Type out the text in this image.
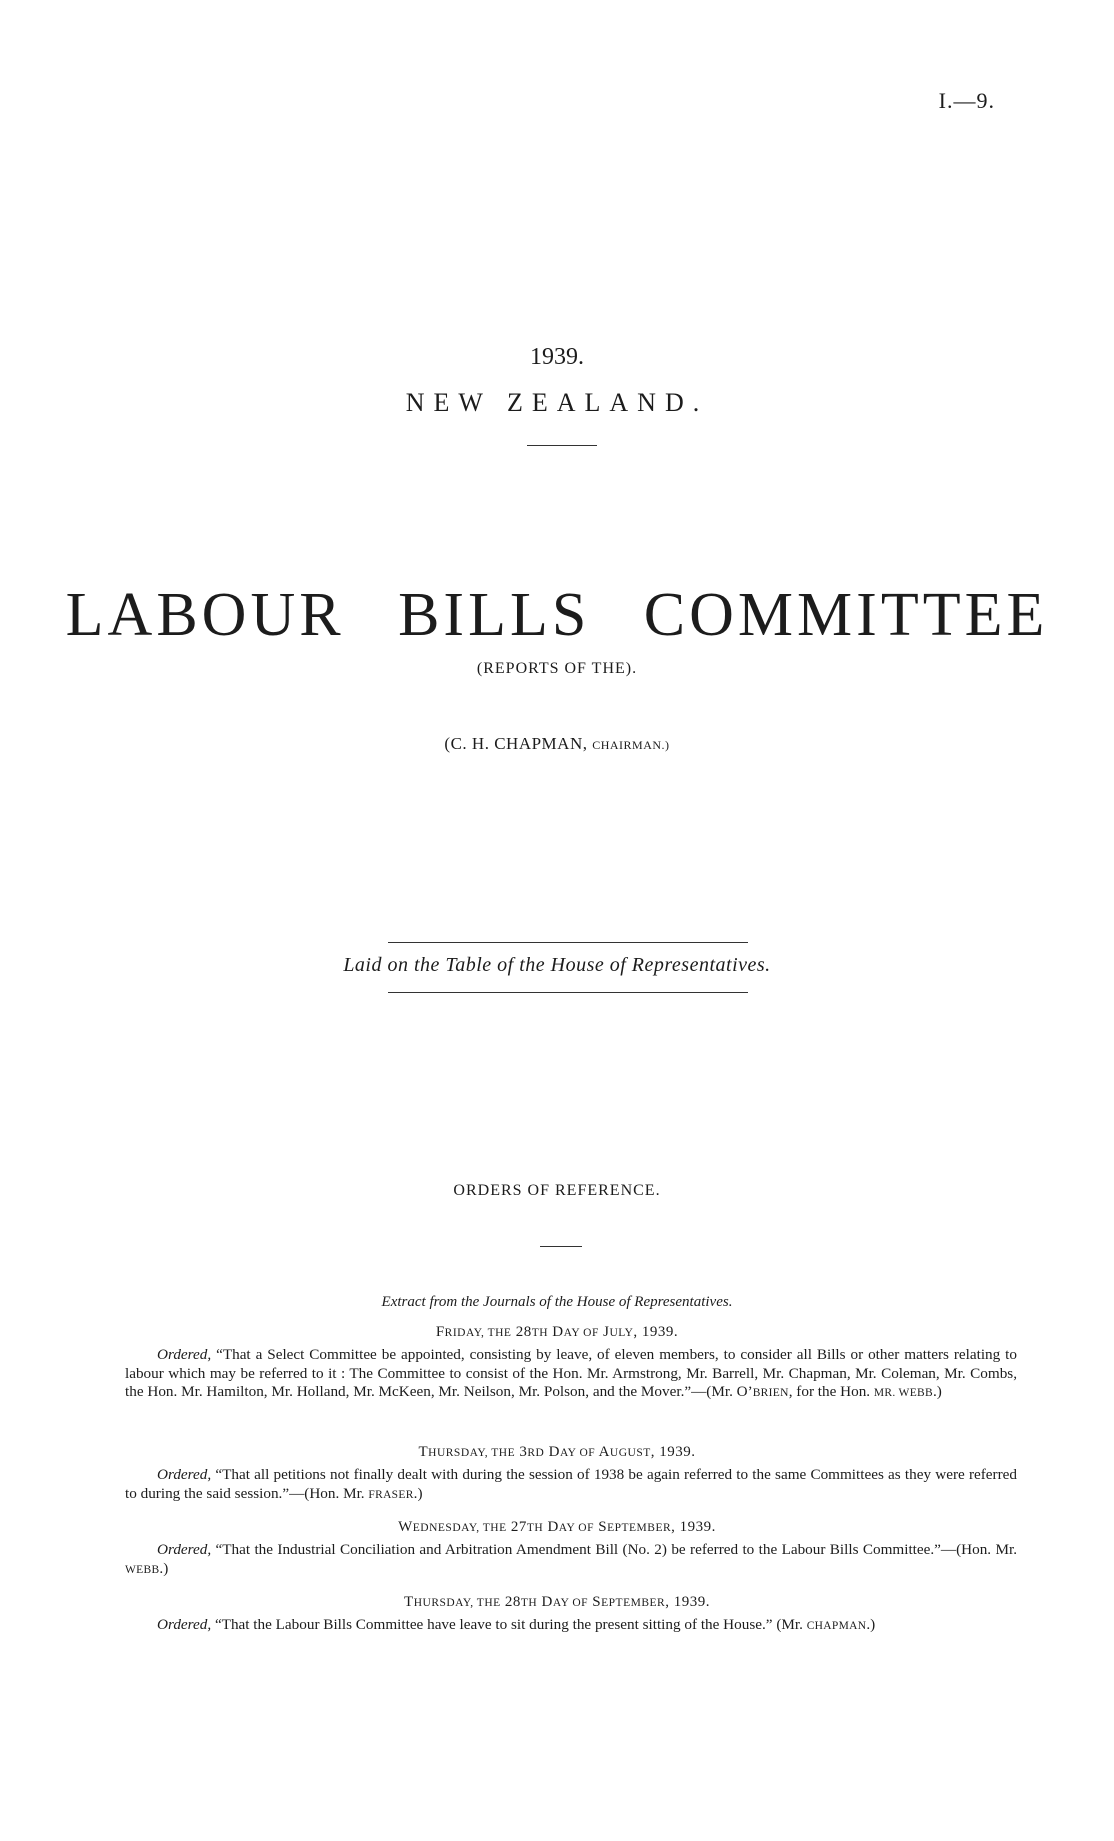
I.—9.
1939.
NEW ZEALAND.
LABOUR BILLS COMMITTEE
(REPORTS OF THE).
(C. H. CHAPMAN, CHAIRMAN.)
Laid on the Table of the House of Representatives.
ORDERS OF REFERENCE.
Extract from the Journals of the House of Representatives.
FRIDAY, THE 28TH DAY OF JULY, 1939.
Ordered, “That a Select Committee be appointed, consisting by leave, of eleven members, to consider all Bills or other matters relating to labour which may be referred to it : The Committee to consist of the Hon. Mr. Armstrong, Mr. Barrell, Mr. Chapman, Mr. Coleman, Mr. Combs, the Hon. Mr. Hamilton, Mr. Holland, Mr. McKeen, Mr. Neilson, Mr. Polson, and the Mover.”—(Mr. O’BRIEN, for the Hon. MR. WEBB.)
THURSDAY, THE 3RD DAY OF AUGUST, 1939.
Ordered, “That all petitions not finally dealt with during the session of 1938 be again referred to the same Committees as they were referred to during the said session.”—(Hon. Mr. FRASER.)
WEDNESDAY, THE 27TH DAY OF SEPTEMBER, 1939.
Ordered, “That the Industrial Conciliation and Arbitration Amendment Bill (No. 2) be referred to the Labour Bills Committee.”—(Hon. Mr. WEBB.)
THURSDAY, THE 28TH DAY OF SEPTEMBER, 1939.
Ordered, “That the Labour Bills Committee have leave to sit during the present sitting of the House.” (Mr. CHAPMAN.)
